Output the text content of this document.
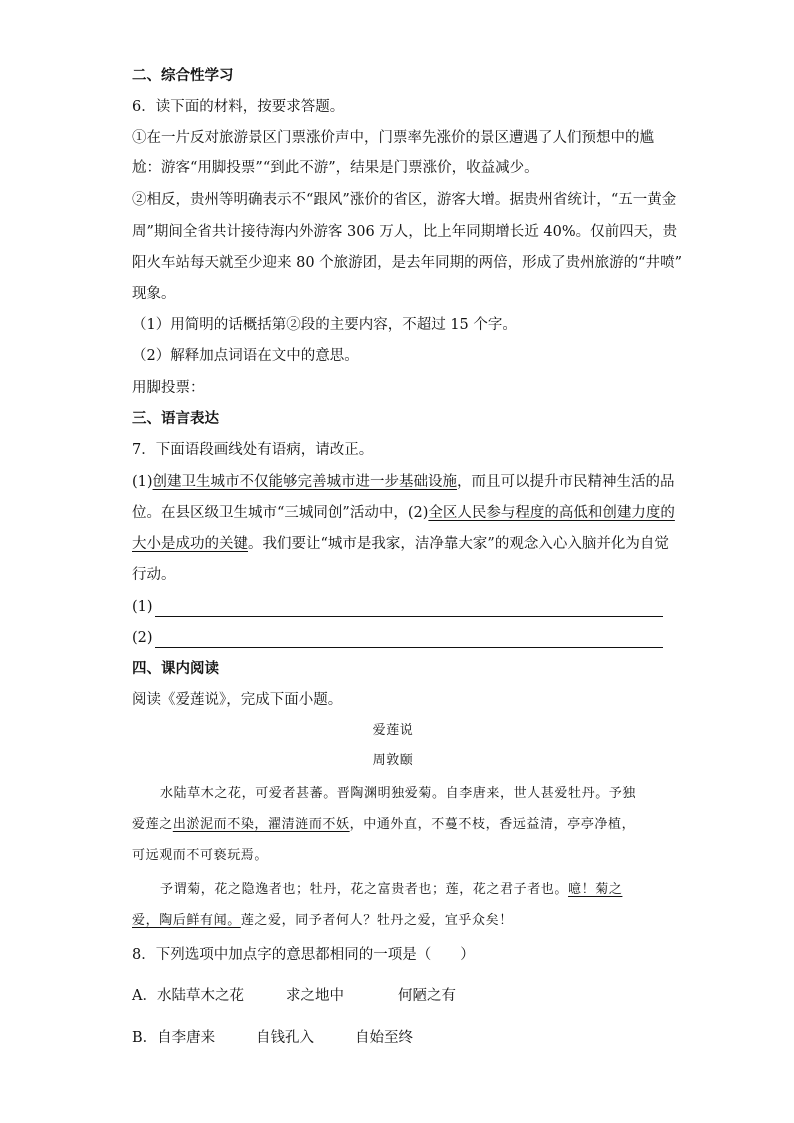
二、综合性学习
6．读下面的材料，按要求答题。
①在一片反对旅游景区门票涨价声中，门票率先涨价的景区遭遇了人们预想中的尴
尬：游客“用脚投票”“到此不游”，结果是门票涨价，收益减少。
②相反，贵州等明确表示不“跟风”涨价的省区，游客大增。据贵州省统计，“五一黄金
周”期间全省共计接待海内外游客 306 万人，比上年同期增长近 40%。仅前四天，贵
阳火车站每天就至少迎来 80 个旅游团，是去年同期的两倍，形成了贵州旅游的“井喷”
现象。
（1）用简明的话概括第②段的主要内容，不超过 15 个字。
（2）解释加点词语在文中的意思。
用脚投票：
三、语言表达
7．下面语段画线处有语病，请改正。
(1)创建卫生城市不仅能够完善城市进一步基础设施，而且可以提升市民精神生活的品
位。在县区级卫生城市“三城同创”活动中，(2)全区人民参与程度的高低和创建力度的
大小是成功的关键。我们要让“城市是我家，洁净靠大家”的观念入心入脑并化为自觉
行动。
(1)
(2)
四、课内阅读
阅读《爱莲说》，完成下面小题。
爱莲说
周敦颐
水陆草木之花，可爱者甚蕃。晋陶渊明独爱菊。自李唐来，世人甚爱牡丹。予独
爱莲之出淤泥而不染，濯清涟而不妖，中通外直，不蔓不枝，香远益清，亭亭净植，
可远观而不可亵玩焉。
予谓菊，花之隐逸者也；牡丹，花之富贵者也；莲，花之君子者也。噫！菊之
爱，陶后鲜有闻。莲之爱，同予者何人？牡丹之爱，宜乎众矣！
8．下列选项中加点字的意思都相同的一项是（　　）
A．水陆草木之花	求之地中	何陋之有
B．自李唐来	自钱孔入	自始至终
